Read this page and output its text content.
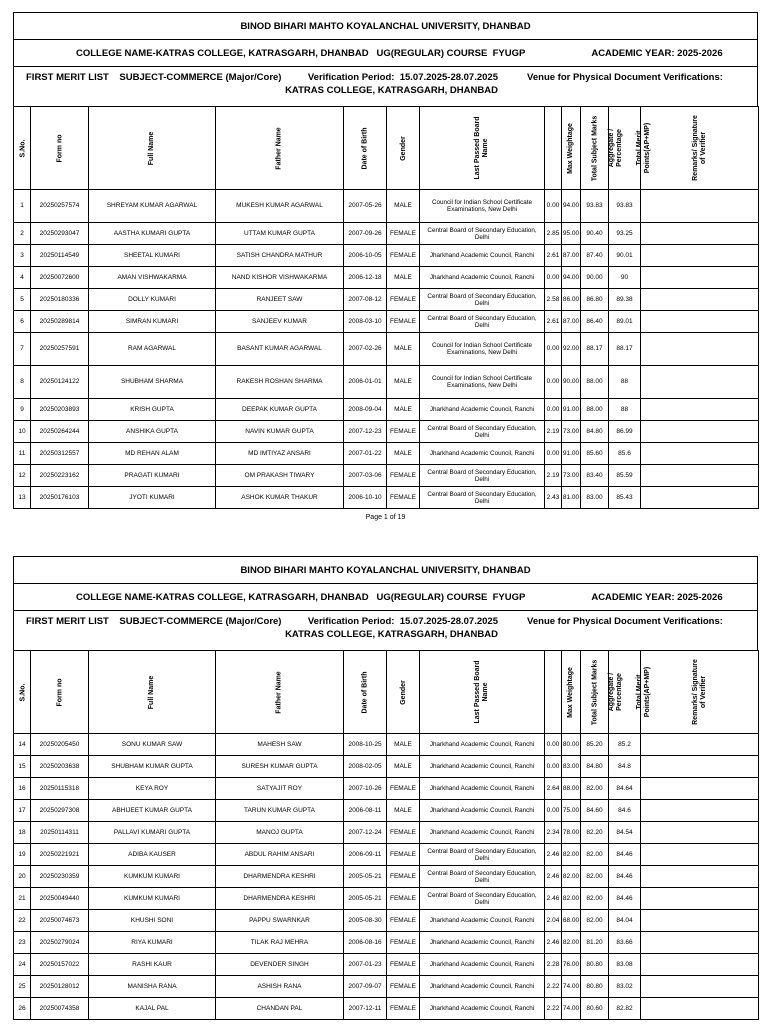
BINOD BIHARI MAHTO KOYALANCHAL UNIVERSITY, DHANBAD
COLLEGE NAME-KATRAS COLLEGE, KATRASGARH, DHANBAD
UG(REGULAR) COURSE  FYUGP
	ACADEMIC YEAR: 2025-2026
FIRST MERIT LIST SUBJECT-COMMERCE (Major/Core)	Verification Period:  15.07.2025-28.07.2025	Venue for Physical Document Verifications:
KATRAS COLLEGE, KATRASGARH, DHANBAD
S.No.	Form no	Full Name	Father Name	Date of Birth	Gender	Last Passed Board Name	Max Weightage	Total Subject Marks	Aggregate / Percentage	Total Merit Points(AP+MP)	Remarks/ Signature of Verifier
1	20250257574	SHREYAM KUMAR AGARWAL	MUKESH KUMAR AGARWAL	2007-05-26	MALE	Council for Indian School Certificate Examinations, New Delhi	0.00	94.00	93.83	93.83	
2	20250293047	AASTHA KUMARI GUPTA	UTTAM KUMAR GUPTA	2007-09-26	FEMALE	Central Board of Secondary Education, Delhi	2.85	95.00	90.40	93.25	
3	20250114549	SHEETAL KUMARI	SATISH CHANDRA MATHUR	2006-10-05	FEMALE	Jharkhand Academic Council, Ranchi	2.61	87.00	87.40	90.01	
4	20250072600	AMAN VISHWAKARMA	NAND KISHOR VISHWAKARMA	2006-12-18	MALE	Jharkhand Academic Council, Ranchi	0.00	94.00	90.00	90	
5	20250180336	DOLLY KUMARI	RANJEET SAW	2007-08-12	FEMALE	Central Board of Secondary Education, Delhi	2.58	86.00	86.80	89.38	
6	20250289814	SIMRAN KUMARI	SANJEEV KUMAR	2008-03-10	FEMALE	Central Board of Secondary Education, Delhi	2.61	87.00	86.40	89.01	
7	20250257591	RAM AGARWAL	BASANT KUMAR AGARWAL	2007-02-26	MALE	Council for Indian School Certificate Examinations, New Delhi	0.00	92.00	88.17	88.17	
8	20250124122	SHUBHAM SHARMA	RAKESH ROSHAN SHARMA	2006-01-01	MALE	Council for Indian School Certificate Examinations, New Delhi	0.00	90.00	88.00	88	
9	20250203893	KRISH GUPTA	DEEPAK KUMAR GUPTA	2008-09-04	MALE	Jharkhand Academic Council, Ranchi	0.00	91.00	88.00	88	
10	20250264244	ANSHIKA GUPTA	NAVIN KUMAR GUPTA	2007-12-23	FEMALE	Central Board of Secondary Education, Delhi	2.19	73.00	84.80	86.99	
11	20250312557	MD REHAN ALAM	MD IMTIYAZ ANSARI	2007-01-22	MALE	Jharkhand Academic Council, Ranchi	0.00	91.00	85.60	85.6	
12	20250223162	PRAGATI KUMARI	OM PRAKASH TIWARY	2007-03-06	FEMALE	Central Board of Secondary Education, Delhi	2.19	73.00	83.40	85.59	
13	20250176103	JYOTI KUMARI	ASHOK KUMAR THAKUR	2006-10-10	FEMALE	Central Board of Secondary Education, Delhi	2.43	81.00	83.00	85.43	
Page 1 of 19
BINOD BIHARI MAHTO KOYALANCHAL UNIVERSITY, DHANBAD
COLLEGE NAME-KATRAS COLLEGE, KATRASGARH, DHANBAD
UG(REGULAR) COURSE  FYUGP
	ACADEMIC YEAR: 2025-2026
FIRST MERIT LIST SUBJECT-COMMERCE (Major/Core)	Verification Period:  15.07.2025-28.07.2025	Venue for Physical Document Verifications:
KATRAS COLLEGE, KATRASGARH, DHANBAD
S.No.	Form no	Full Name	Father Name	Date of Birth	Gender	Last Passed Board Name	Max Weightage	Total Subject Marks	Aggregate / Percentage	Total Merit Points(AP+MP)	Remarks/ Signature of Verifier
14	20250205450	SONU KUMAR SAW	MAHESH SAW	2008-10-25	MALE	Jharkhand Academic Council, Ranchi	0.00	80.00	85.20	85.2	
15	20250203638	SHUBHAM KUMAR GUPTA	SURESH KUMAR GUPTA	2008-02-05	MALE	Jharkhand Academic Council, Ranchi	0.00	83.00	84.80	84.8	
16	20250115318	KEYA ROY	SATYAJIT ROY	2007-10-26	FEMALE	Jharkhand Academic Council, Ranchi	2.64	88.00	82.00	84.64	
17	20250297308	ABHIJEET KUMAR GUPTA	TARUN KUMAR GUPTA	2006-08-11	MALE	Jharkhand Academic Council, Ranchi	0.00	75.00	84.60	84.6	
18	20250114311	PALLAVI KUMARI GUPTA	MANOJ GUPTA	2007-12-24	FEMALE	Jharkhand Academic Council, Ranchi	2.34	78.00	82.20	84.54	
19	20250221921	ADIBA KAUSER	ABDUL RAHIM ANSARI	2006-09-11	FEMALE	Central Board of Secondary Education, Delhi	2.46	82.00	82.00	84.46	
20	20250230359	KUMKUM KUMARI	DHARMENDRA KESHRI	2005-05-21	FEMALE	Central Board of Secondary Education, Delhi	2.46	82.00	82.00	84.46	
21	20250049440	KUMKUM KUMARI	DHARMENDRA KESHRI	2005-05-21	FEMALE	Central Board of Secondary Education, Delhi	2.46	82.00	82.00	84.46	
22	20250074673	KHUSHI SONI	PAPPU SWARNKAR	2005-08-30	FEMALE	Jharkhand Academic Council, Ranchi	2.04	68.00	82.00	84.04	
23	20250279024	RIYA KUMARI	TILAK RAJ MEHRA	2006-08-16	FEMALE	Jharkhand Academic Council, Ranchi	2.46	82.00	81.20	83.66	
24	20250157022	RASHI KAUR	DEVENDER SINGH	2007-01-23	FEMALE	Jharkhand Academic Council, Ranchi	2.28	76.00	80.80	83.08	
25	20250128012	MANISHA RANA	ASHISH RANA	2007-09-07	FEMALE	Jharkhand Academic Council, Ranchi	2.22	74.00	80.80	83.02	
26	20250074358	KAJAL PAL	CHANDAN PAL	2007-12-11	FEMALE	Jharkhand Academic Council, Ranchi	2.22	74.00	80.60	82.82	
